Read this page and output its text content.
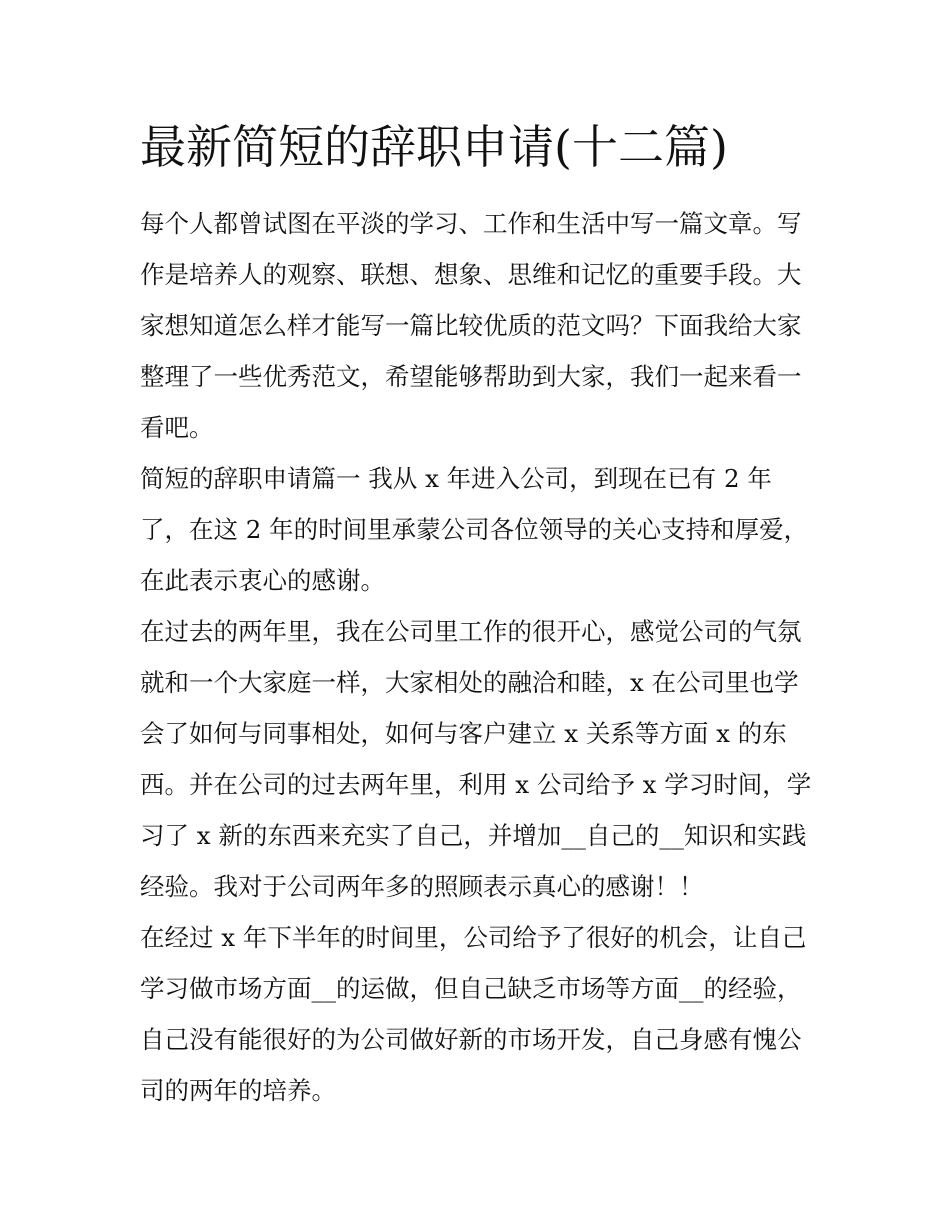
最新简短的辞职申请(十二篇)
每个人都曾试图在平淡的学习、工作和生活中写一篇文章。写
作是培养人的观察、联想、想象、思维和记忆的重要手段。大
家想知道怎么样才能写一篇比较优质的范文吗？下面我给大家
整理了一些优秀范文，希望能够帮助到大家，我们一起来看一
看吧。
简短的辞职申请篇一 我从 x 年进入公司，到现在已有 2 年
了，在这 2 年的时间里承蒙公司各位领导的关心支持和厚爱，
在此表示衷心的感谢。
在过去的两年里，我在公司里工作的很开心，感觉公司的气氛
就和一个大家庭一样，大家相处的融洽和睦，x 在公司里也学
会了如何与同事相处，如何与客户建立 x 关系等方面 x 的东
西。并在公司的过去两年里，利用 x 公司给予 x 学习时间，学
习了 x 新的东西来充实了自己，并增加__自己的__知识和实践
经验。我对于公司两年多的照顾表示真心的感谢！！
在经过 x 年下半年的时间里，公司给予了很好的机会，让自己
学习做市场方面__的运做，但自己缺乏市场等方面__的经验，
自己没有能很好的为公司做好新的市场开发，自己身感有愧公
司的两年的培养。
